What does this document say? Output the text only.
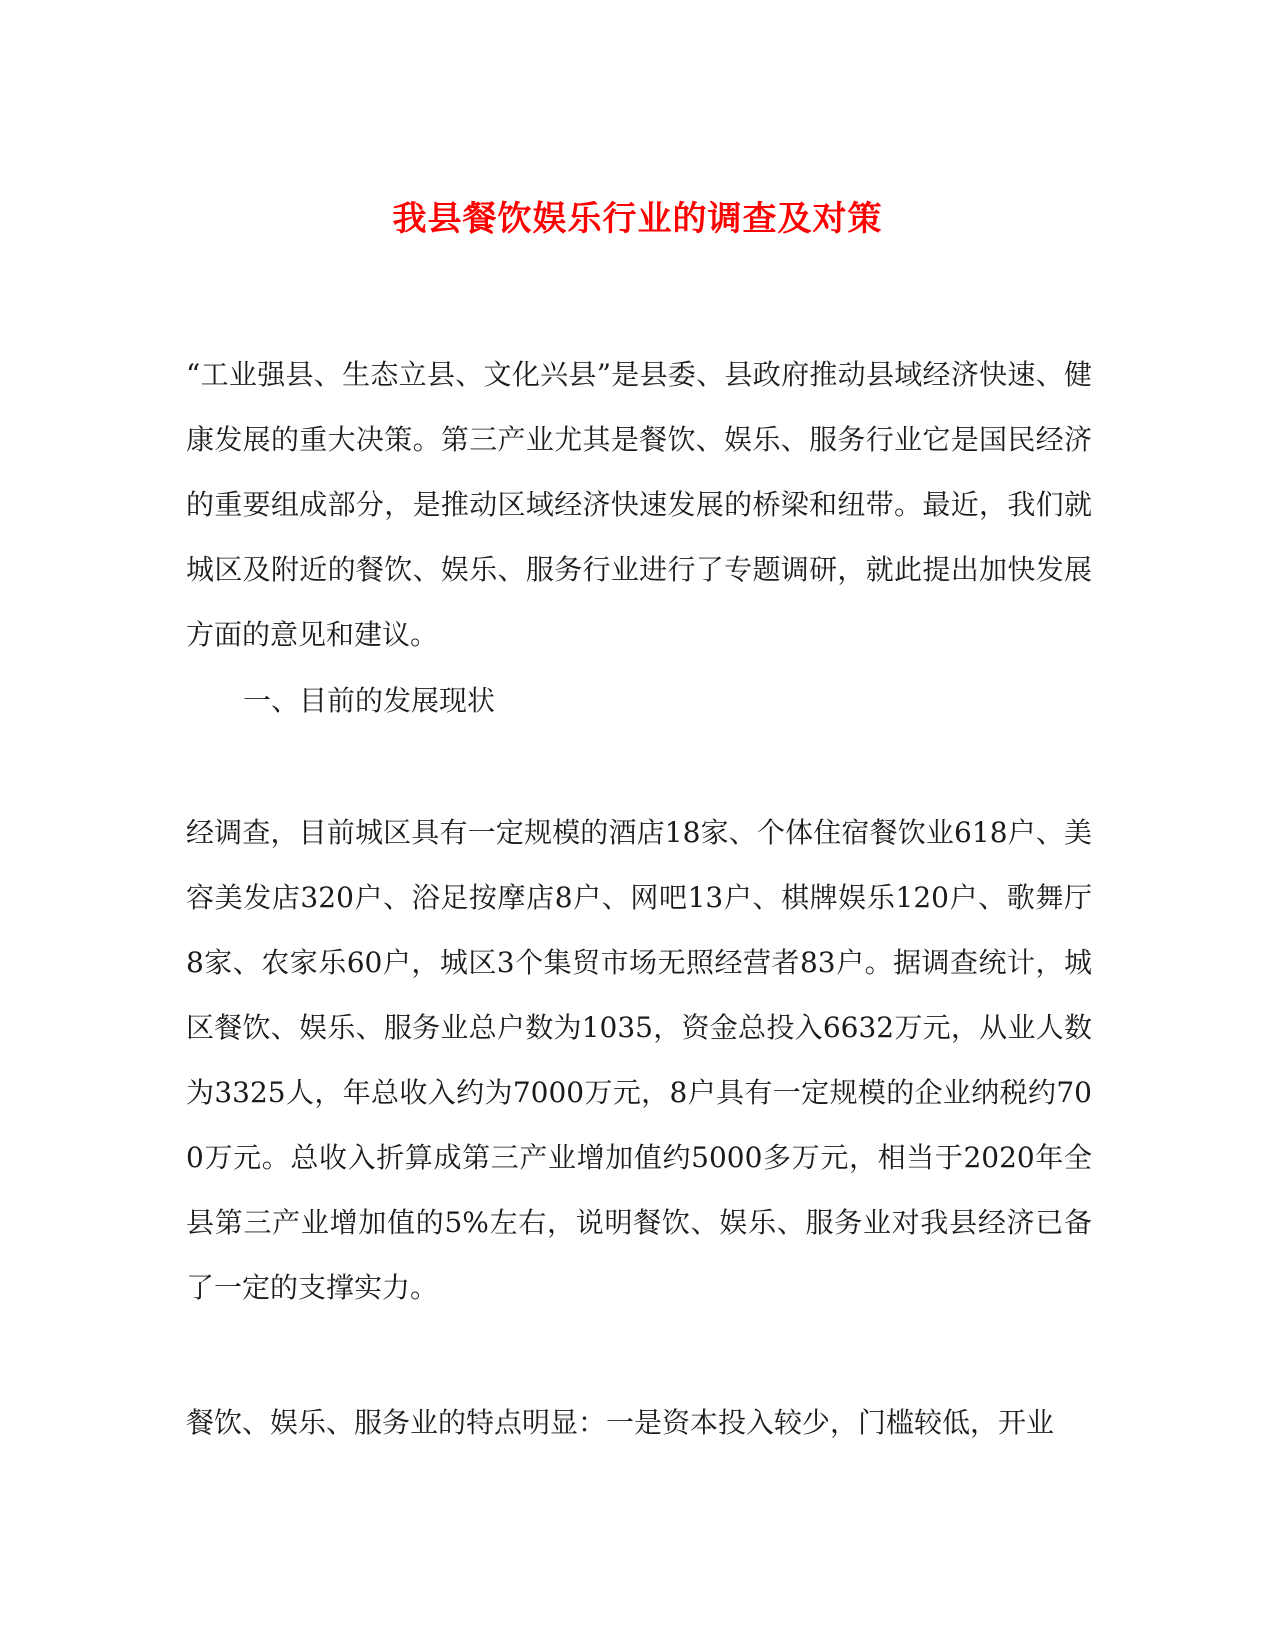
我县餐饮娱乐行业的调查及对策

“工业强县、生态立县、文化兴县”是县委、县政府推动县域经济快速、健康发展的重大决策。第三产业尤其是餐饮、娱乐、服务行业它是国民经济的重要组成部分，是推动区域经济快速发展的桥梁和纽带。最近，我们就城区及附近的餐饮、娱乐、服务行业进行了专题调研，就此提出加快发展方面的意见和建议。

一、目前的发展现状

经调查，目前城区具有一定规模的酒店18家、个体住宿餐饮业618户、美容美发店320户、浴足按摩店8户、网吧13户、棋牌娱乐120户、歌舞厅8家、农家乐60户，城区3个集贸市场无照经营者83户。据调查统计，城区餐饮、娱乐、服务业总户数为1035，资金总投入6632万元，从业人数为3325人，年总收入约为7000万元，8户具有一定规模的企业纳税约700万元。总收入折算成第三产业增加值约5000多万元，相当于2020年全县第三产业增加值的5%左右，说明餐饮、娱乐、服务业对我县经济已备了一定的支撑实力。

餐饮、娱乐、服务业的特点明显：一是资本投入较少，门槛较低，开业
